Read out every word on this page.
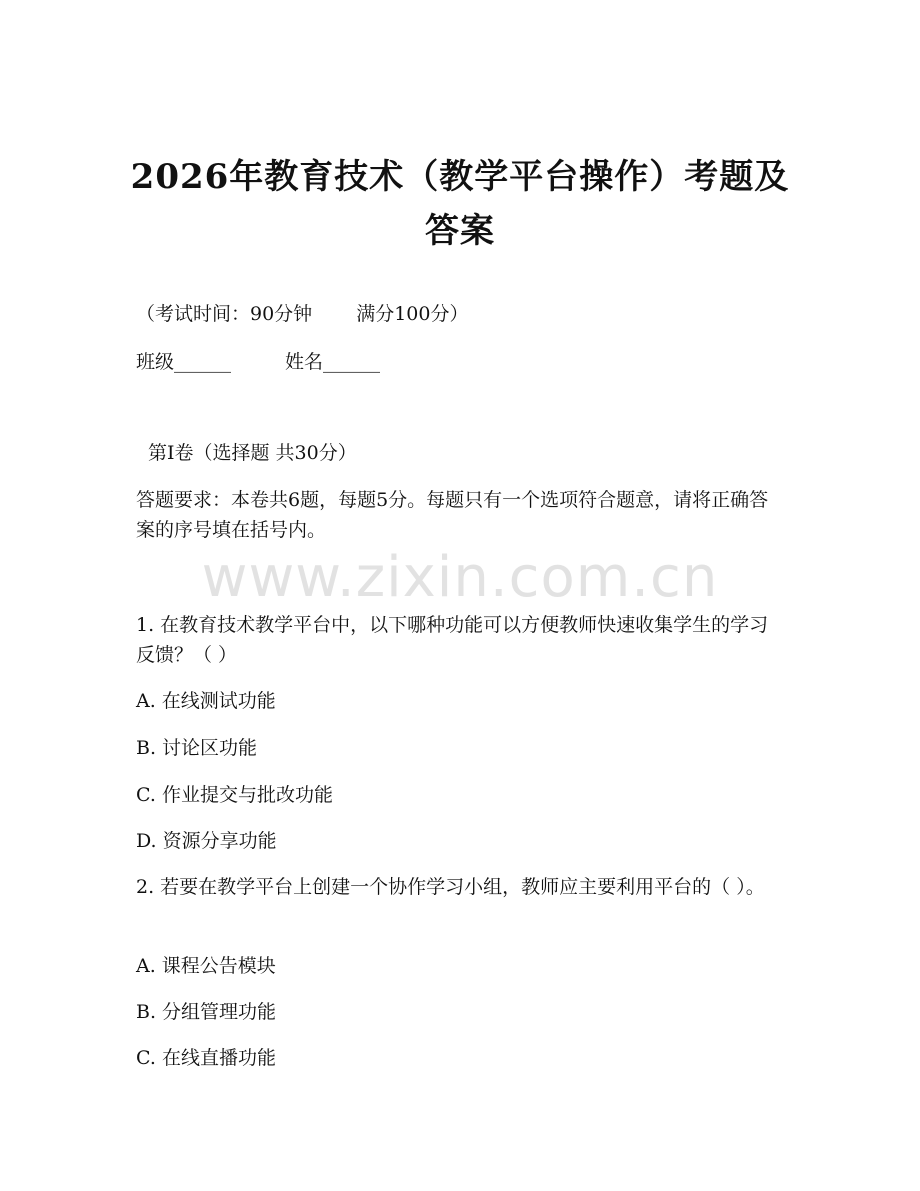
2026年教育技术（教学平台操作）考题及答案
（考试时间：90分钟 满分100分）
班级______	姓名______
第I卷（选择题 共30分）
答题要求：本卷共6题，每题5分。每题只有一个选项符合题意，请将正确答案的序号填在括号内。
www.zixin.com.cn
1. 在教育技术教学平台中，以下哪种功能可以方便教师快速收集学生的学习反馈？（ ）
A. 在线测试功能
B. 讨论区功能
C. 作业提交与批改功能
D. 资源分享功能
2. 若要在教学平台上创建一个协作学习小组，教师应主要利用平台的（ ）。
A. 课程公告模块
B. 分组管理功能
C. 在线直播功能
